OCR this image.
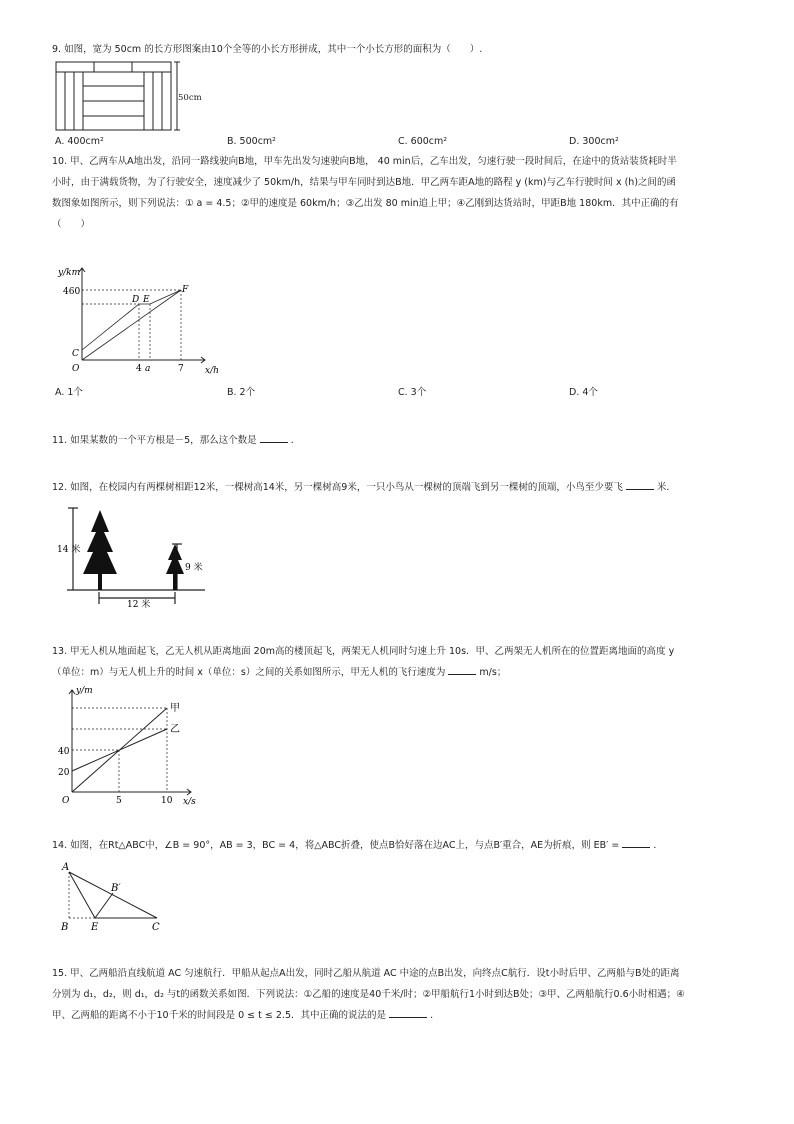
9. 如图，宽为 50cm 的长方形图案由10个全等的小长方形拼成，其中一个小长方形的面积为（　　）.
50cm
A. 400cm²	B. 500cm²	C. 600cm²	D. 300cm²
10. 甲、乙两车从A地出发，沿同一路线驶向B地，甲车先出发匀速驶向B地， 40 min后，乙车出发，匀速行驶一段时间后，在途中的货站装货耗时半
小时，由于满载货物，为了行驶安全，速度减少了 50km/h，结果与甲车同时到达B地．甲乙两车距A地的路程 y (km)与乙车行驶时间 x (h)之间的函
数图象如图所示，则下列说法：① a = 4.5；②甲的速度是 60km/h；③乙出发 80 min追上甲；④乙刚到达货站时，甲距B地 180km．其中正确的有
（　　）
y/km
x/h
460
O	4 a	7
C
D E
F
A. 1个	B. 2个	C. 3个	D. 4个
11. 如果某数的一个平方根是－5，那么这个数是	．
12. 如图，在校园内有两棵树相距12米，一棵树高14米，另一棵树高9米，一只小鸟从一棵树的顶端飞到另一棵树的顶端，小鸟至少要飞	米．
14 米
9 米
12 米
13. 甲无人机从地面起飞，乙无人机从距离地面 20m高的楼顶起飞，两架无人机同时匀速上升 10s．甲、乙两架无人机所在的位置距离地面的高度 y
（单位：m）与无人机上升的时间 x（单位：s）之间的关系如图所示，甲无人机的飞行速度为	m/s；
y/m
x/s
O
40
20
5	10
甲
乙
14. 如图，在Rt△ABC中，∠B = 90°，AB = 3，BC = 4，将△ABC折叠，使点B恰好落在边AC上，与点B′重合，AE为折痕，则 EB′ =	．
A
B
B′
E	C
15. 甲、乙两船沿直线航道 AC 匀速航行．甲船从起点A出发，同时乙船从航道 AC 中途的点B出发，向终点C航行．设t小时后甲、乙两船与B处的距离
分别为 d₁，d₂，则 d₁，d₂ 与t的函数关系如图．下列说法：①乙船的速度是40千米/时；②甲船航行1小时到达B处；③甲、乙两船航行0.6小时相遇；④
甲、乙两船的距离不小于10千米的时间段是 0 ≤ t ≤ 2.5．其中正确的说法的是	．
